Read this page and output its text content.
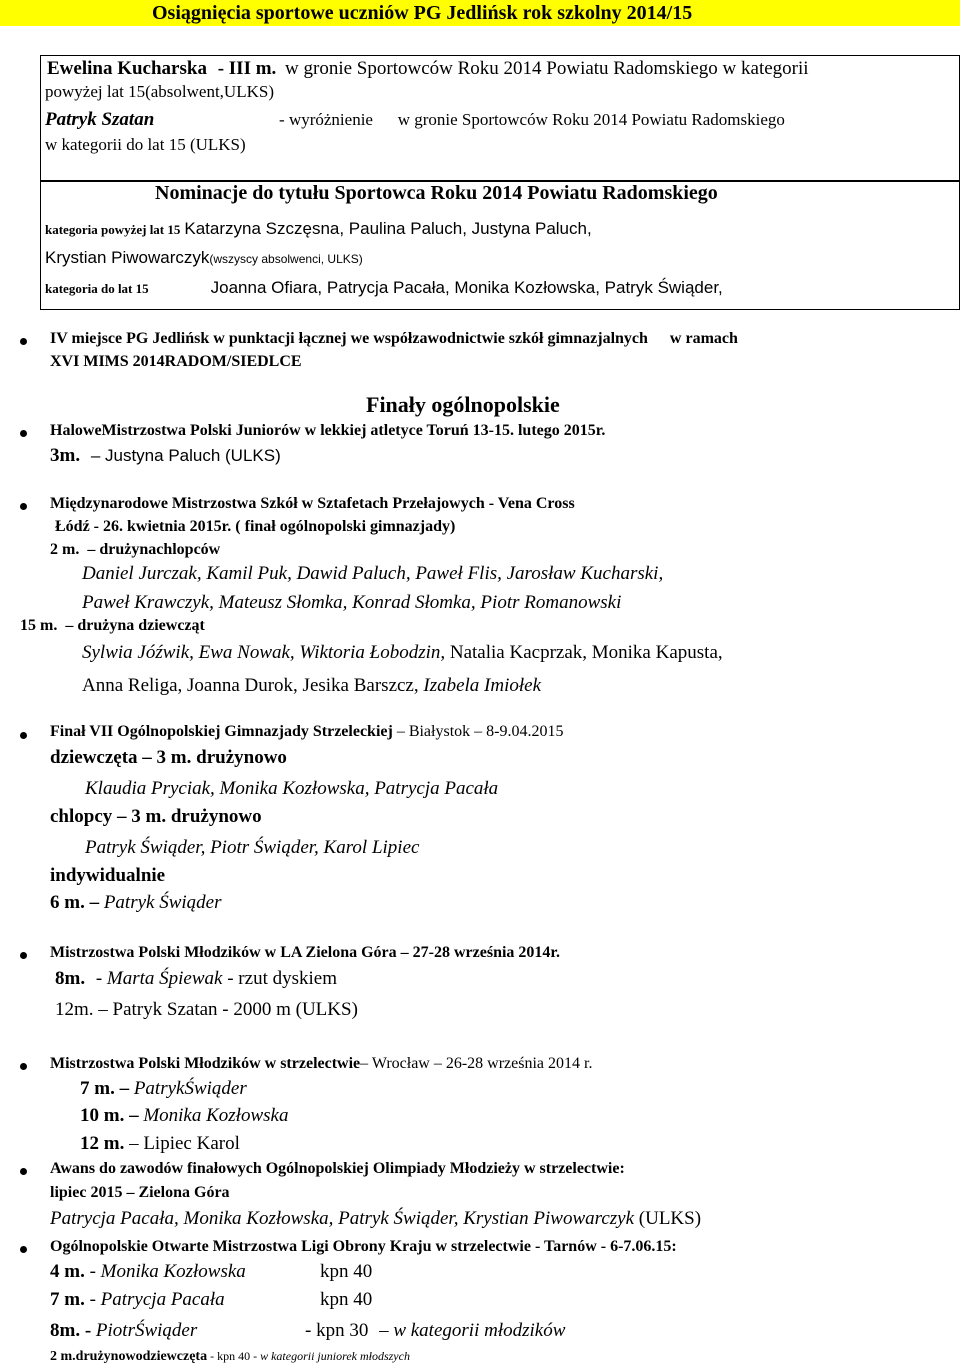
Osiągnięcia sportowe uczniów PG Jedlińsk rok szkolny 2014/15
Ewelina Kucharska - III m. w gronie Sportowców Roku 2014 Powiatu Radomskiego w kategorii
powyżej lat 15(absolwent,ULKS)
Patryk Szatan	- wyróżnienie w gronie Sportowców Roku 2014 Powiatu Radomskiego
w kategorii do lat 15 (ULKS)
Nominacje do tytułu Sportowca Roku 2014 Powiatu Radomskiego
kategoria powyżej lat 15 Katarzyna Szczęsna, Paulina Paluch, Justyna Paluch,
Krystian Piwowarczyk(wszyscy absolwenci, ULKS)
kategoria do lat 15	Joanna Ofiara, Patrycja Pacała, Monika Kozłowska, Patryk Świąder,
IV miejsce PG Jedlińsk w punktacji łącznej we współzawodnictwie szkół gimnazjalnych w ramach
XVI MIMS 2014RADOM/SIEDLCE
Finały ogólnopolskie
HaloweMistrzostwa Polski Juniorów w lekkiej atletyce Toruń 13-15. lutego 2015r.
3m. – Justyna Paluch (ULKS)
Międzynarodowe Mistrzostwa Szkół w Sztafetach Przełajowych - Vena Cross
Łódź - 26. kwietnia 2015r. ( finał ogólnopolski gimnazjady)
2 m. – drużynachlopców
Daniel Jurczak, Kamil Puk, Dawid Paluch, Paweł Flis, Jarosław Kucharski,
Paweł Krawczyk, Mateusz Słomka, Konrad Słomka, Piotr Romanowski
15 m. – drużyna dziewcząt
Sylwia Jóźwik, Ewa Nowak, Wiktoria Łobodzin, Natalia Kacprzak, Monika Kapusta,
Anna Religa, Joanna Durok, Jesika Barszcz, Izabela Imiołek
Finał VII Ogólnopolskiej Gimnazjady Strzeleckiej – Białystok – 8-9.04.2015
dziewczęta – 3 m. drużynowo
Klaudia Pryciak, Monika Kozłowska, Patrycja Pacała
chlopcy – 3 m. drużynowo
Patryk Świąder, Piotr Świąder, Karol Lipiec
indywidualnie
6 m. – Patryk Świąder
Mistrzostwa Polski Młodzików w LA Zielona Góra – 27-28 września 2014r.
8m. - Marta Śpiewak - rzut dyskiem
12m. – Patryk Szatan - 2000 m (ULKS)
Mistrzostwa Polski Młodzików w strzelectwie– Wrocław – 26-28 września 2014 r.
7 m. – PatrykŚwiąder
10 m. – Monika Kozłowska
12 m. – Lipiec Karol
Awans do zawodów finałowych Ogólnopolskiej Olimpiady Młodzieży w strzelectwie:
lipiec 2015 – Zielona Góra
Patrycja Pacała, Monika Kozłowska, Patryk Świąder, Krystian Piwowarczyk (ULKS)
Ogólnopolskie Otwarte Mistrzostwa Ligi Obrony Kraju w strzelectwie - Tarnów - 6-7.06.15:
4 m. - Monika Kozłowska	kpn 40
7 m. - Patrycja Pacała	kpn 40
8m. - PiotrŚwiąder	- kpn 30 – w kategorii młodzików
2 m.drużynowodziewczęta - kpn 40 - w kategorii juniorek młodszych
